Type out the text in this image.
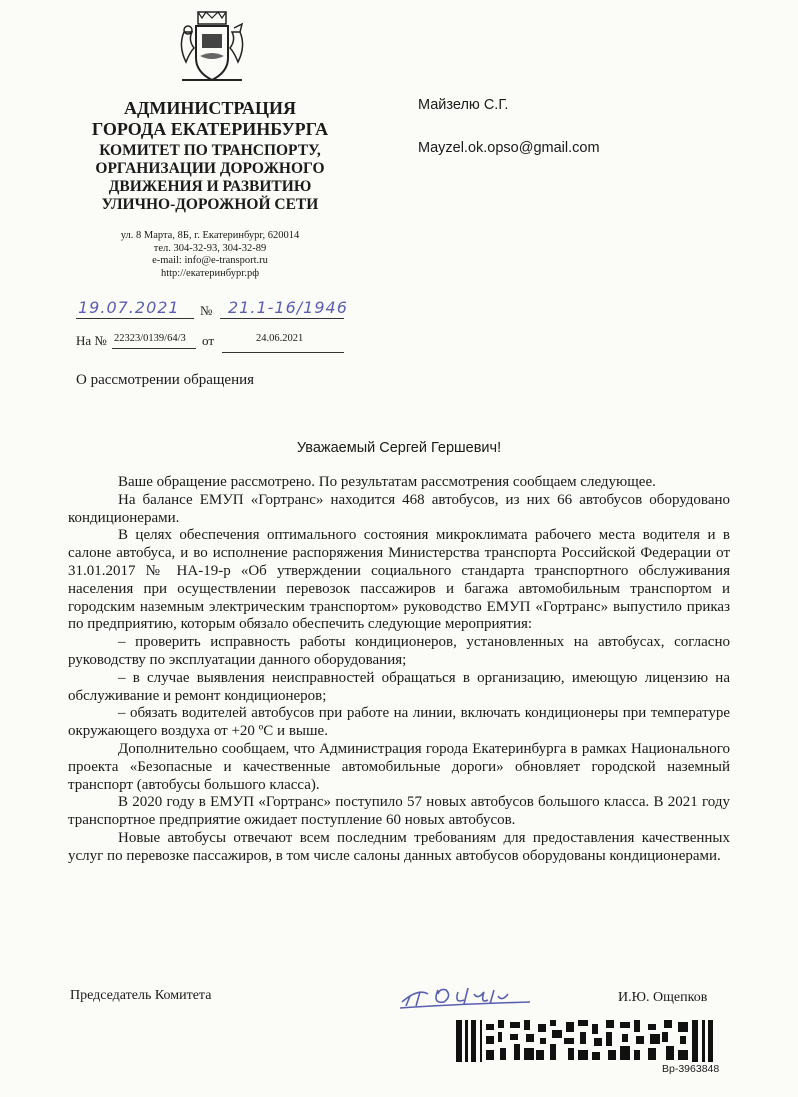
АДМИНИСТРАЦИЯ
ГОРОДА ЕКАТЕРИНБУРГА
КОМИТЕТ ПО ТРАНСПОРТУ,
ОРГАНИЗАЦИИ ДОРОЖНОГО
ДВИЖЕНИЯ И РАЗВИТИЮ
УЛИЧНО-ДОРОЖНОЙ СЕТИ
ул. 8 Марта, 8Б, г. Екатеринбург, 620014
тел. 304-32-93, 304-32-89
e-mail: info@e-transport.ru
http://екатеринбург.рф
Майзелю С.Г.
Mayzel.ok.opso@gmail.com
19.07.2021 № 21.1-16/1946
На № 22323/0139/64/3 от	24.06.2021
О рассмотрении обращения
Уважаемый Сергей Гершевич!

Ваше обращение рассмотрено. По результатам рассмотрения сообщаем следующее.

На балансе ЕМУП «Гортранс» находится 468 автобусов, из них 66 автобусов оборудовано кондиционерами.

В целях обеспечения оптимального состояния микроклимата рабочего места водителя и в салоне автобуса, и во исполнение распоряжения Министерства транспорта Российской Федерации от 31.01.2017 № НА-19-р «Об утверждении социального стандарта транспортного обслуживания населения при осуществлении перевозок пассажиров и багажа автомобильным транспортом и городским наземным электрическим транспортом» руководство ЕМУП «Гортранс» выпустило приказ по предприятию, которым обязало обеспечить следующие мероприятия:

– проверить исправность работы кондиционеров, установленных на автобусах, согласно руководству по эксплуатации данного оборудования;

– в случае выявления неисправностей обращаться в организацию, имеющую лицензию на обслуживание и ремонт кондиционеров;

– обязать водителей автобусов при работе на линии, включать кондиционеры при температуре окружающего воздуха от +20 ºС и выше.

Дополнительно сообщаем, что Администрация города Екатеринбурга в рамках Национального проекта «Безопасные и качественные автомобильные дороги» обновляет городской наземный транспорт (автобусы большого класса).

В 2020 году в ЕМУП «Гортранс» поступило 57 новых автобусов большого класса. В 2021 году транспортное предприятие ожидает поступление 60 новых автобусов.

Новые автобусы отвечают всем последним требованиям для предоставления качественных услуг по перевозке пассажиров, в том числе салоны данных автобусов оборудованы кондиционерами.

Председатель Комитета	И.Ю. Ощепков
Вр-3963848
